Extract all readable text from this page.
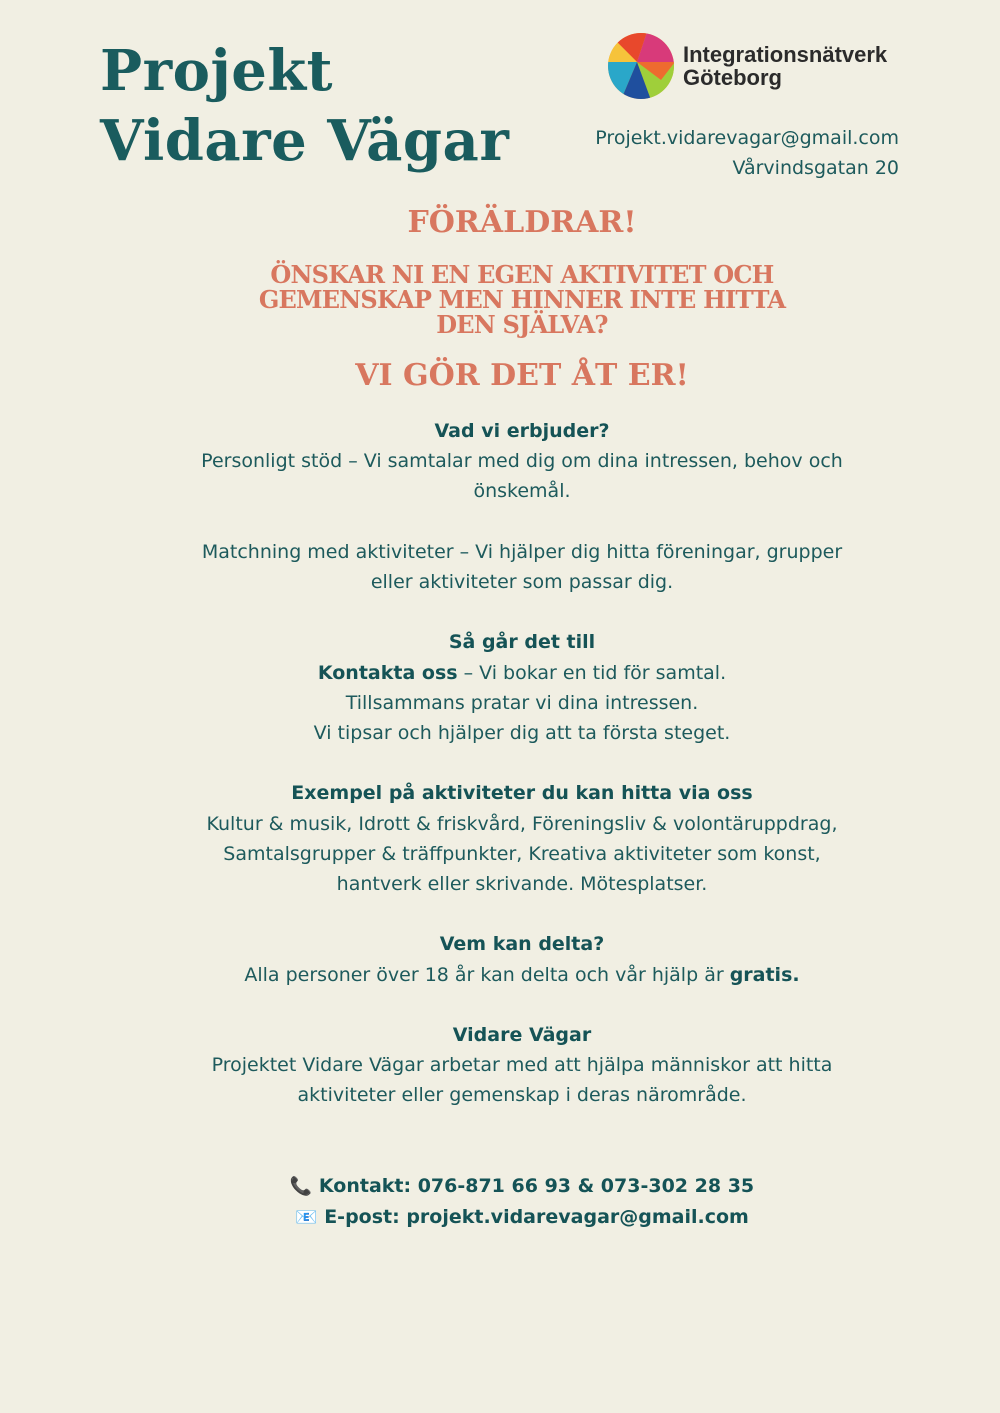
Projekt
Vidare Vägar
Integrationsnätverk
Göteborg
Projekt.vidarevagar@gmail.com
Vårvindsgatan 20
FÖRÄLDRAR!
ÖNSKAR NI EN EGEN AKTIVITET OCH
GEMENSKAP MEN HINNER INTE HITTA
DEN SJÄLVA?
VI GÖR DET ÅT ER!

Vad vi erbjuder?

Personligt stöd – Vi samtalar med dig om dina intressen, behov och

önskemål.

Matchning med aktiviteter – Vi hjälper dig hitta föreningar, grupper

eller aktiviteter som passar dig.

Så går det till

Kontakta oss – Vi bokar en tid för samtal.

Tillsammans pratar vi dina intressen.

Vi tipsar och hjälper dig att ta första steget.

Exempel på aktiviteter du kan hitta via oss

Kultur & musik, Idrott & friskvård, Föreningsliv & volontäruppdrag,

Samtalsgrupper & träffpunkter, Kreativa aktiviteter som konst,

hantverk eller skrivande. Mötesplatser.

Vem kan delta?

Alla personer över 18 år kan delta och vår hjälp är gratis.

Vidare Vägar

Projektet Vidare Vägar arbetar med att hjälpa människor att hitta

aktiviteter eller gemenskap i deras närområde.

📞 Kontakt: 076-871 66 93 & 073-302 28 35

📧 E-post: projekt.vidarevagar@gmail.com
